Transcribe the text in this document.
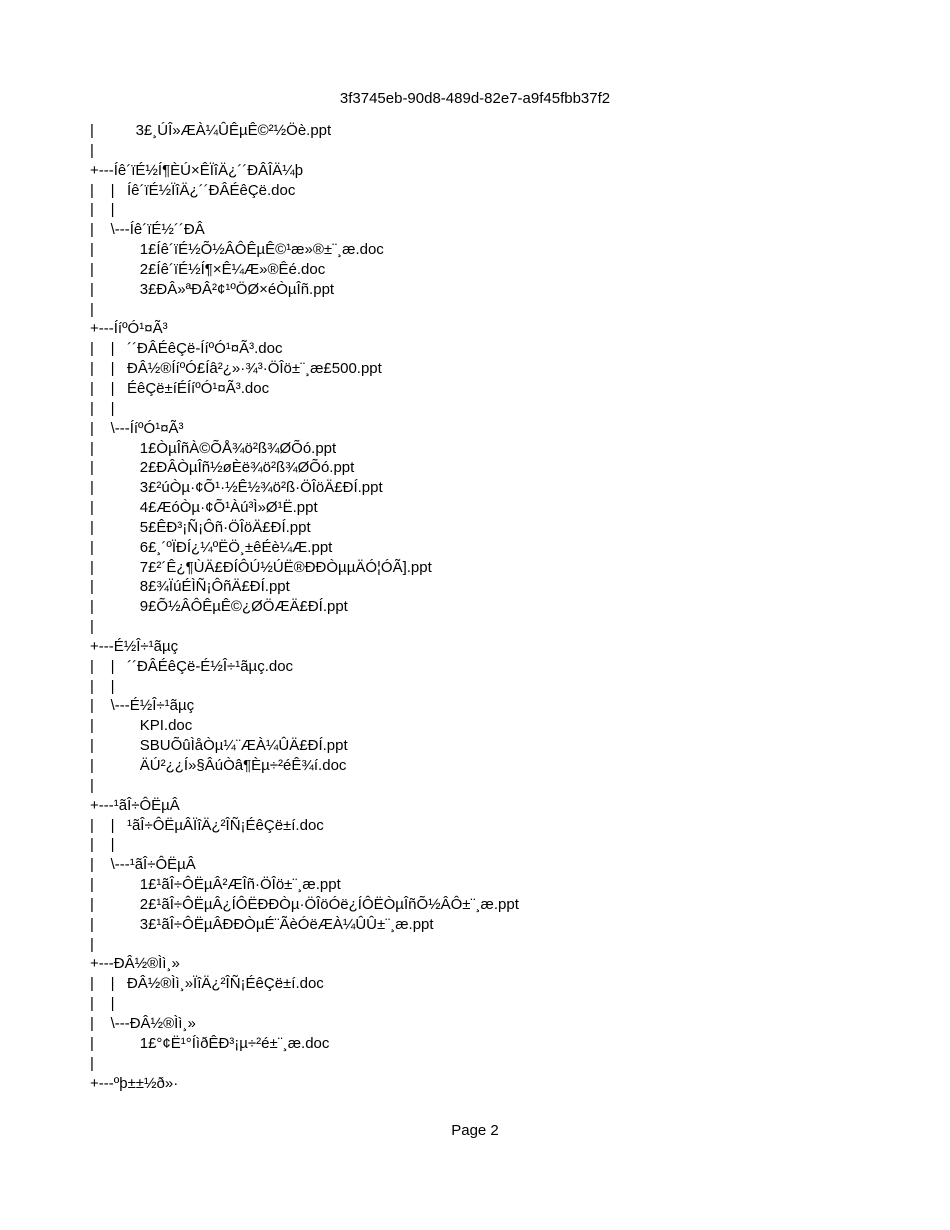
3f3745eb-90d8-489d-82e7-a9f45fbb37f2
|          3£¸ÚÎ»ÆÀ¼ÛÊµÊ©²½Öè.ppt
|
+---Íê´ïÉ½Í¶ÈÚ×ÊÏîÄ¿´´ÐÂÎÄ¼þ
|    |   Íê´ïÉ½ÏîÄ¿´´ÐÂÉêÇë.doc
|    |
|    \---Íê´ïÉ½´´ÐÂ
|           1£Íê´ïÉ½Õ½ÂÔÊµÊ©¹æ»®±¨¸æ.doc
|           2£Íê´ïÉ½Í¶×Ê¼Æ»®Êé.doc
|           3£ÐÂ»ªÐÂ²¢¹ºÖØ×éÒµÎñ.ppt
|
+---ÍíºÓ¹¤Ã³
|    |   ´´ÐÂÉêÇë-ÍíºÓ¹¤Ã³.doc
|    |   ÐÂ½®ÍíºÓ£Íâ²¿»·¾³·ÖÎö±¨¸æ£500.ppt
|    |   ÉêÇë±íÉÍíºÓ¹¤Ã³.doc
|    |
|    \---ÍíºÓ¹¤Ã³
|           1£ÒµÎñÀ©ÕÅ¾ö²ß¾ØÕó.ppt
|           2£ÐÂÒµÎñ½øÈë¾ö²ß¾ØÕó.ppt
|           3£²úÒµ·¢Õ¹·½Ê½¾ö²ß·ÖÎöÄ£ÐÍ.ppt
|           4£ÆóÒµ·¢Õ¹Àú³Ì»Ø¹Ë.ppt
|           5£ÊÐ³¡Ñ¡Ôñ·ÖÎöÄ£ÐÍ.ppt
|           6£¸´ºÏÐÍ¿¼ºËÖ¸±êÉè¼Æ.ppt
|           7£²´Ê¿¶ÙÄ£ÐÍÔÚ½ÚË®ÐÐÒµµÄÓ¦ÓÃ].ppt
|           8£¾ÏúÉÌÑ¡ÔñÄ£ÐÍ.ppt
|           9£Õ½ÂÔÊµÊ©¿ØÖÆÄ£ÐÍ.ppt
|
+---É½Î÷¹ãµç
|    |   ´´ÐÂÉêÇë-É½Î÷¹ãµç.doc
|    |
|    \---É½Î÷¹ãµç
|           KPI.doc
|           SBUÕûÌåÒµ¼¨ÆÀ¼ÛÄ£ÐÍ.ppt
|           ÄÚ²¿¿Í»§ÂúÒâ¶Èµ÷²éÊ¾í.doc
|
+---¹ãÎ÷ÔËµÂ
|    |   ¹ãÎ÷ÔËµÂÏîÄ¿²ÎÑ¡ÉêÇë±í.doc
|    |
|    \---¹ãÎ÷ÔËµÂ
|           1£¹ãÎ÷ÔËµÂ²ÆÎñ·ÖÎö±¨¸æ.ppt
|           2£¹ãÎ÷ÔËµÂ¿ÍÔËÐÐÒµ·ÖÎöÓë¿ÍÔËÒµÎñÕ½ÂÔ±¨¸æ.ppt
|           3£¹ãÎ÷ÔËµÂÐÐÒµÉ¨ÃèÓëÆÀ¼ÛÛ±¨¸æ.ppt
|
+---ÐÂ½®Ìì¸»
|    |   ÐÂ½®Ìì¸»ÏîÄ¿²ÎÑ¡ÉêÇë±í.doc
|    |
|    \---ÐÂ½®Ìì¸»
|           1£°¢Ë¹°ÍìðÊÐ³¡µ÷²é±¨¸æ.doc
|
+---ºþ±±½ð»·
Page 2
